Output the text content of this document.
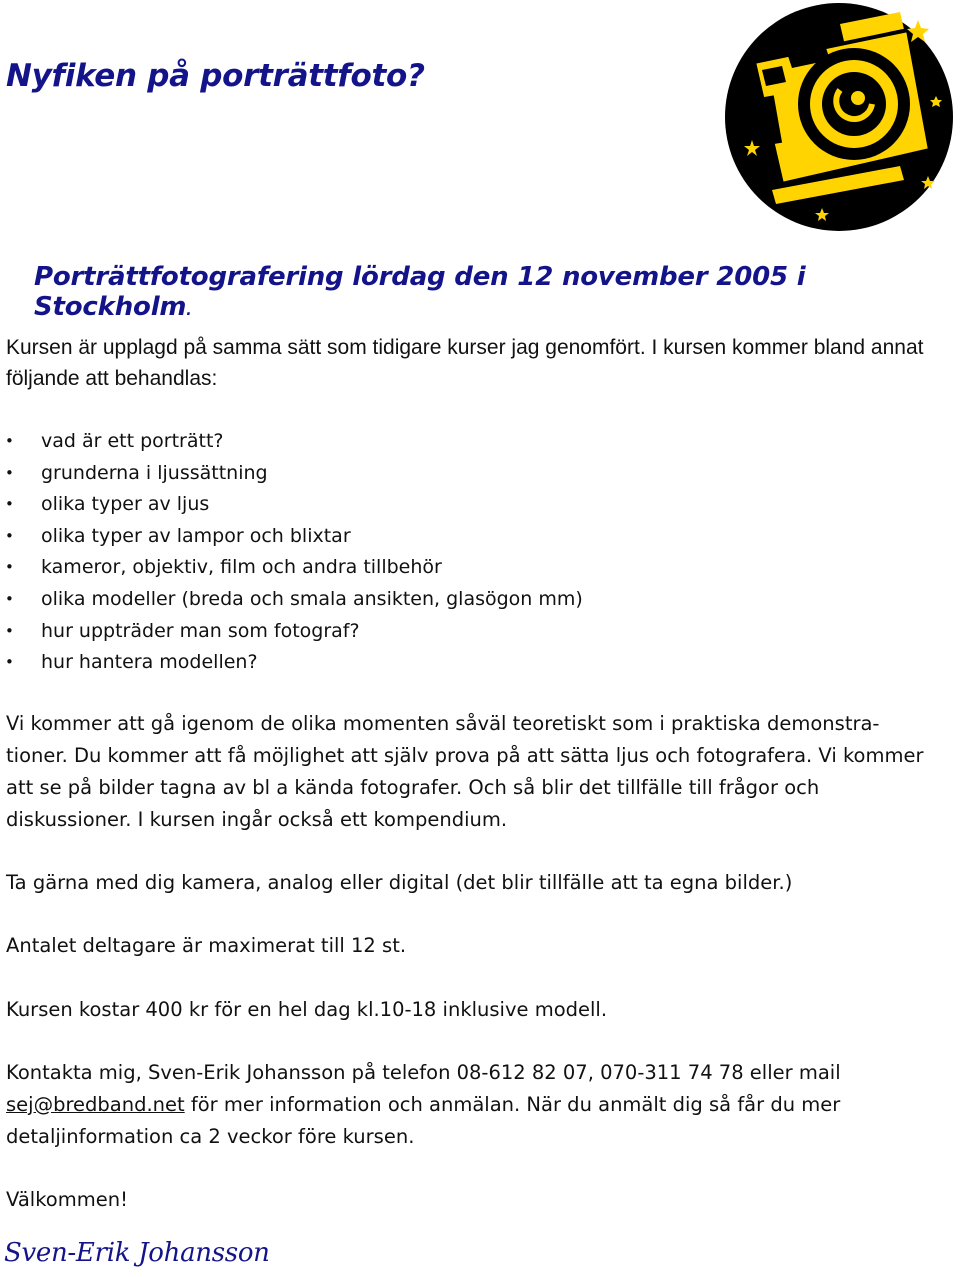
Nyfiken på porträttfoto?
Porträttfotografering lördag den 12 november 2005 i Stockholm.

Kursen är upplagd på samma sätt som tidigare kurser jag genomfört. I kursen kommer bland annat följande att behandlas:

• vad är ett porträtt?
• grunderna i ljussättning
• olika typer av ljus
• olika typer av lampor och blixtar
• kameror, objektiv, film och andra tillbehör
• olika modeller (breda och smala ansikten, glasögon mm)
• hur uppträder man som fotograf?
• hur hantera modellen?

Vi kommer att gå igenom de olika momenten såväl teoretiskt som i praktiska demonstra-
tioner. Du kommer att få möjlighet att själv prova på att sätta ljus och fotografera. Vi kommer att se på bilder tagna av bl a kända fotografer. Och så blir det tillfälle till frågor och diskussioner. I kursen ingår också ett kompendium.

Ta gärna med dig kamera, analog eller digital (det blir tillfälle att ta egna bilder.)

Antalet deltagare är maximerat till 12 st.

Kursen kostar 400 kr för en hel dag kl.10-18 inklusive modell.

Kontakta mig, Sven-Erik Johansson på telefon 08-612 82 07, 070-311 74 78 eller mail
sej@bredband.net för mer information och anmälan. När du anmält dig så får du mer detaljinformation ca 2 veckor före kursen.

Välkommen!

Sven-Erik Johansson
